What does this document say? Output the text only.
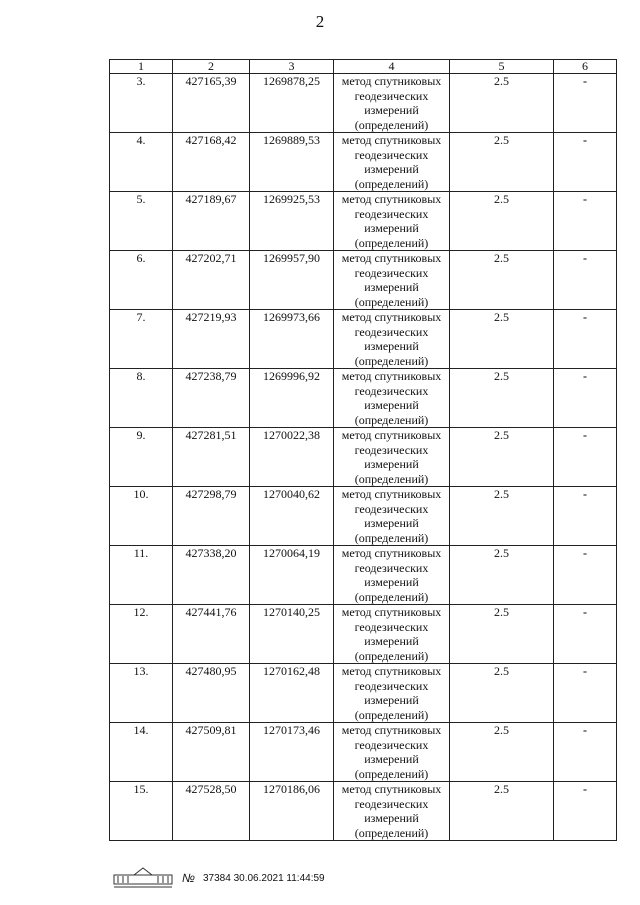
2
1	2	3	4	5	6
3.	427165,39	1269878,25	метод спутниковых геодезических измерений (определений)	2.5	-
4.	427168,42	1269889,53	метод спутниковых геодезических измерений (определений)	2.5	-
5.	427189,67	1269925,53	метод спутниковых геодезических измерений (определений)	2.5	-
6.	427202,71	1269957,90	метод спутниковых геодезических измерений (определений)	2.5	-
7.	427219,93	1269973,66	метод спутниковых геодезических измерений (определений)	2.5	-
8.	427238,79	1269996,92	метод спутниковых геодезических измерений (определений)	2.5	-
9.	427281,51	1270022,38	метод спутниковых геодезических измерений (определений)	2.5	-
10.	427298,79	1270040,62	метод спутниковых геодезических измерений (определений)	2.5	-
11.	427338,20	1270064,19	метод спутниковых геодезических измерений (определений)	2.5	-
12.	427441,76	1270140,25	метод спутниковых геодезических измерений (определений)	2.5	-
13.	427480,95	1270162,48	метод спутниковых геодезических измерений (определений)	2.5	-
14.	427509,81	1270173,46	метод спутниковых геодезических измерений (определений)	2.5	-
15.	427528,50	1270186,06	метод спутниковых геодезических измерений (определений)	2.5	-
№ 37384 30.06.2021 11:44:59
